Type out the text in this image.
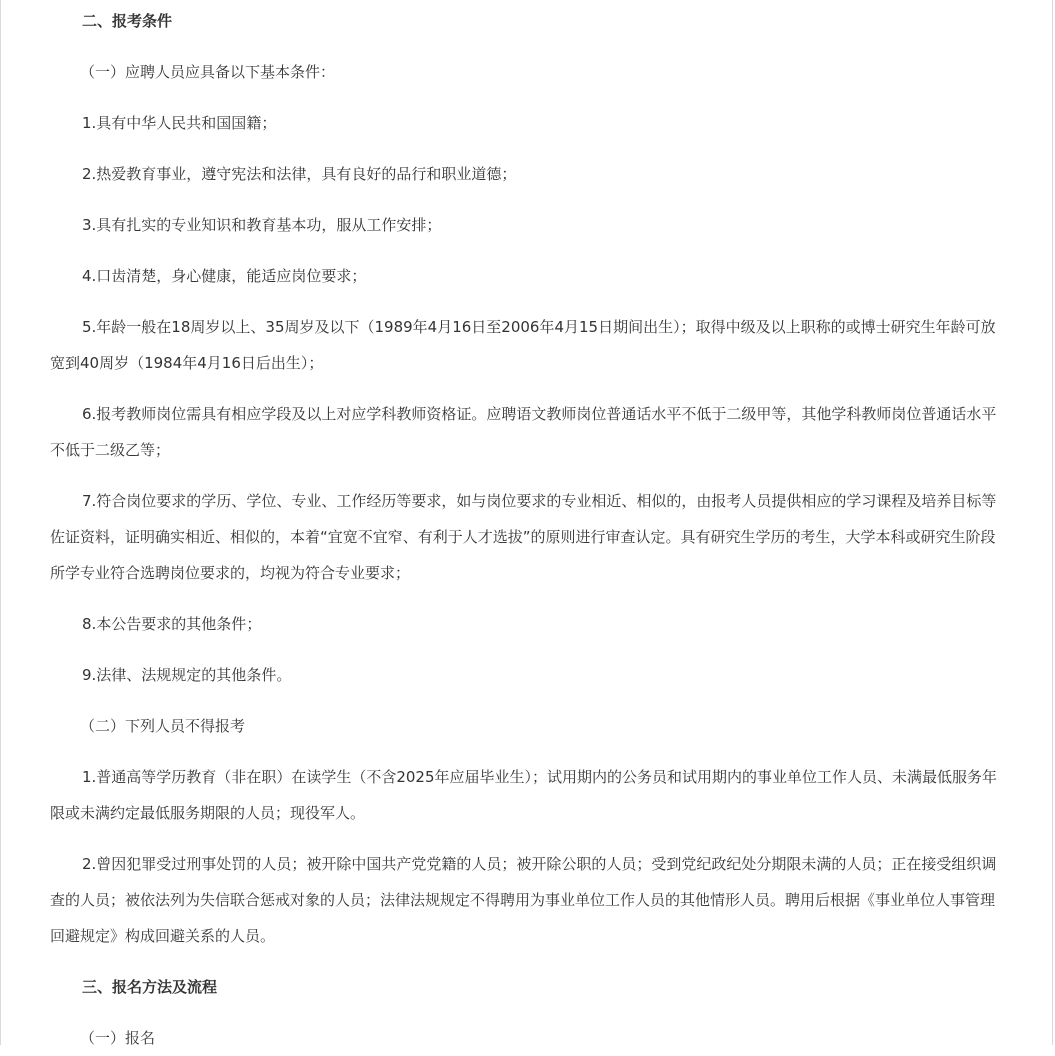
二、报考条件
（一）应聘人员应具备以下基本条件：
1.具有中华人民共和国国籍；
2.热爱教育事业，遵守宪法和法律，具有良好的品行和职业道德；
3.具有扎实的专业知识和教育基本功，服从工作安排；
4.口齿清楚，身心健康，能适应岗位要求；
5.年龄一般在18周岁以上、35周岁及以下（1989年4月16日至2006年4月15日期间出生）；取得中级及以上职称的或博士研究生年龄可放宽到40周岁（1984年4月16日后出生）；
6.报考教师岗位需具有相应学段及以上对应学科教师资格证。应聘语文教师岗位普通话水平不低于二级甲等，其他学科教师岗位普通话水平不低于二级乙等；
7.符合岗位要求的学历、学位、专业、工作经历等要求，如与岗位要求的专业相近、相似的，由报考人员提供相应的学习课程及培养目标等佐证资料，证明确实相近、相似的，本着“宜宽不宜窄、有利于人才选拔”的原则进行审查认定。具有研究生学历的考生，大学本科或研究生阶段所学专业符合选聘岗位要求的，均视为符合专业要求；
8.本公告要求的其他条件；
9.法律、法规规定的其他条件。
（二）下列人员不得报考
1.普通高等学历教育（非在职）在读学生（不含2025年应届毕业生）；试用期内的公务员和试用期内的事业单位工作人员、未满最低服务年限或未满约定最低服务期限的人员；现役军人。
2.曾因犯罪受过刑事处罚的人员；被开除中国共产党党籍的人员；被开除公职的人员；受到党纪政纪处分期限未满的人员；正在接受组织调查的人员；被依法列为失信联合惩戒对象的人员；法律法规规定不得聘用为事业单位工作人员的其他情形人员。聘用后根据《事业单位人事管理回避规定》构成回避关系的人员。
三、报名方法及流程
（一）报名
